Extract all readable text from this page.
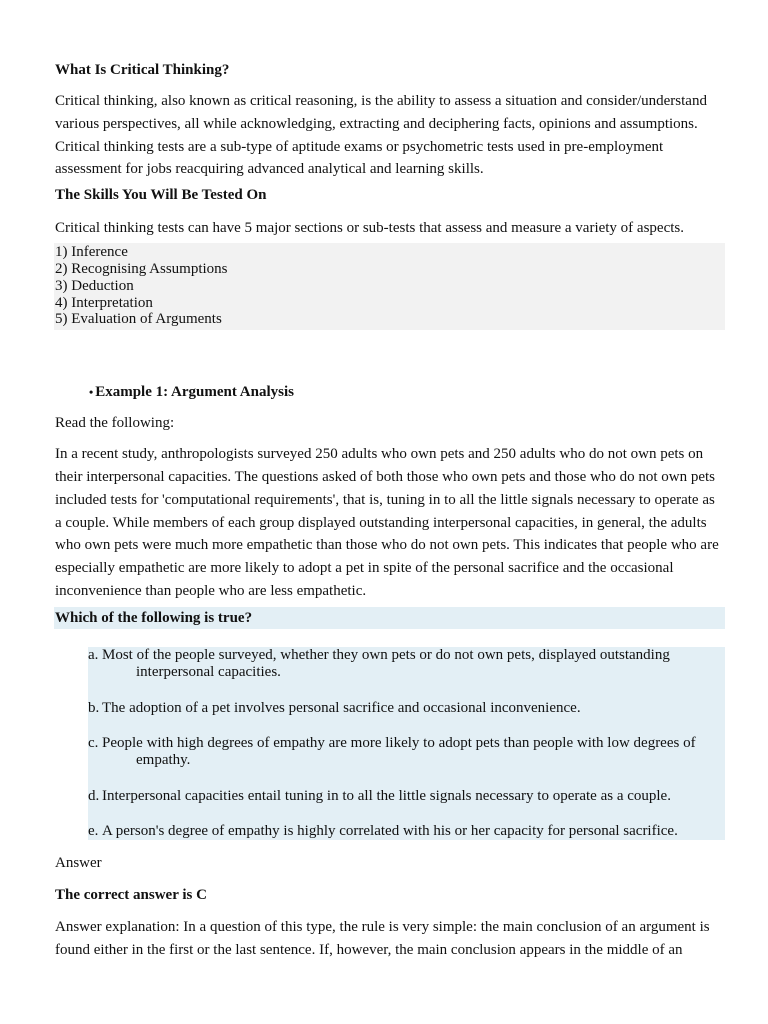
What Is Critical Thinking?

Critical thinking, also known as critical reasoning, is the ability to assess a situation and consider/understand various perspectives, all while acknowledging, extracting and deciphering facts, opinions and assumptions. Critical thinking tests are a sub-type of aptitude exams or psychometric tests used in pre-employment assessment for jobs reacquiring advanced analytical and learning skills.

The Skills You Will Be Tested On

Critical thinking tests can have 5 major sections or sub-tests that assess and measure a variety of aspects.

1) Inference
2) Recognising Assumptions
3) Deduction
4) Interpretation
5) Evaluation of Arguments
• Example 1: Argument Analysis

Read the following:

In a recent study, anthropologists surveyed 250 adults who own pets and 250 adults who do not own pets on their interpersonal capacities. The questions asked of both those who own pets and those who do not own pets included tests for 'computational requirements', that is, tuning in to all the little signals necessary to operate as a couple. While members of each group displayed outstanding interpersonal capacities, in general, the adults who own pets were much more empathetic than those who do not own pets. This indicates that people who are especially empathetic are more likely to adopt a pet in spite of the personal sacrifice and the occasional inconvenience than people who are less empathetic.

Which of the following is true?
a. Most of the people surveyed, whether they own pets or do not own pets, displayed outstanding interpersonal capacities.
b. The adoption of a pet involves personal sacrifice and occasional inconvenience.
c. People with high degrees of empathy are more likely to adopt pets than people with low degrees of empathy.
d. Interpersonal capacities entail tuning in to all the little signals necessary to operate as a couple.
e. A person's degree of empathy is highly correlated with his or her capacity for personal sacrifice.

Answer

The correct answer is C

Answer explanation: In a question of this type, the rule is very simple: the main conclusion of an argument is found either in the first or the last sentence. If, however, the main conclusion appears in the middle of an
